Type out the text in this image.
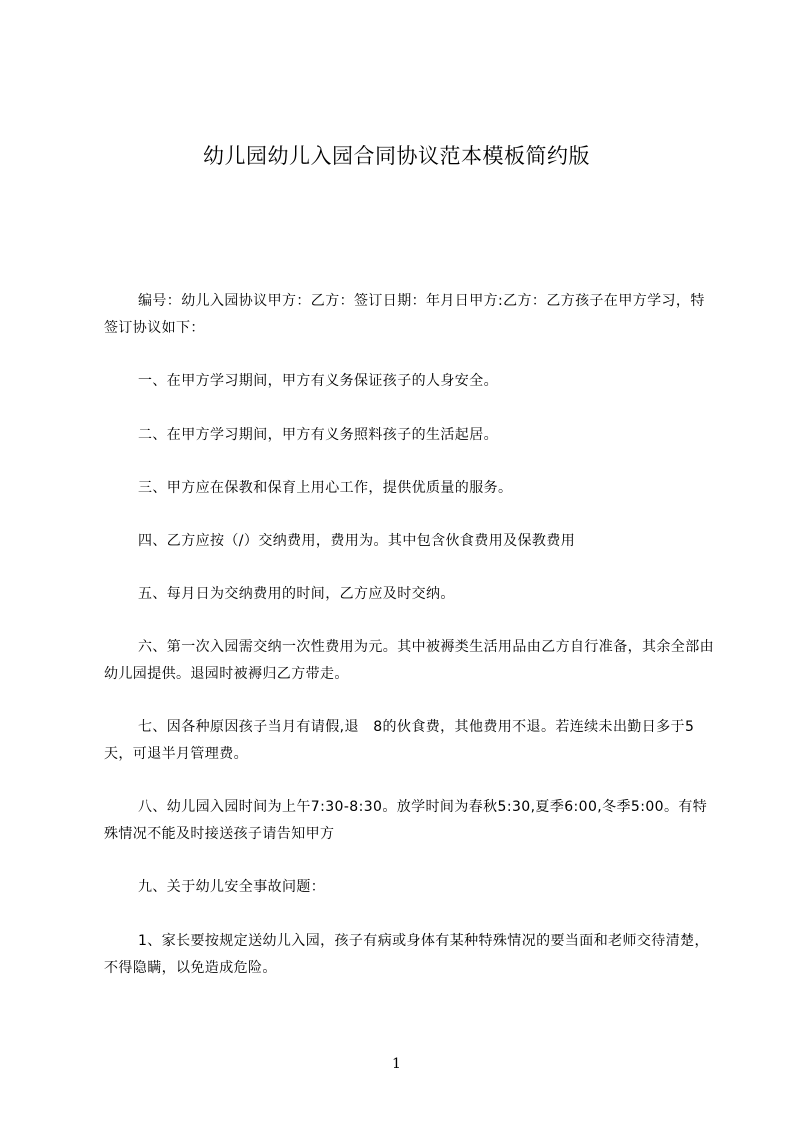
幼儿园幼儿入园合同协议范本模板简约版

编号：幼儿入园协议甲方：乙方：签订日期：年月日甲方:乙方：乙方孩子在甲方学习，特签订协议如下：

一、在甲方学习期间，甲方有义务保证孩子的人身安全。

二、在甲方学习期间，甲方有义务照料孩子的生活起居。

三、甲方应在保教和保育上用心工作，提供优质量的服务。

四、乙方应按（/）交纳费用，费用为。其中包含伙食费用及保教费用

五、每月日为交纳费用的时间，乙方应及时交纳。

六、第一次入园需交纳一次性费用为元。其中被褥类生活用品由乙方自行准备，其余全部由幼儿园提供。退园时被褥归乙方带走。

七、因各种原因孩子当月有请假,退　8的伙食费，其他费用不退。若连续未出勤日多于5天，可退半月管理费。

八、幼儿园入园时间为上午7:30-8:30。放学时间为春秋5:30,夏季6:00,冬季5:00。有特殊情况不能及时接送孩子请告知甲方

九、关于幼儿安全事故问题：

1、家长要按规定送幼儿入园，孩子有病或身体有某种特殊情况的要当面和老师交待清楚，不得隐瞒，以免造成危险。

1
